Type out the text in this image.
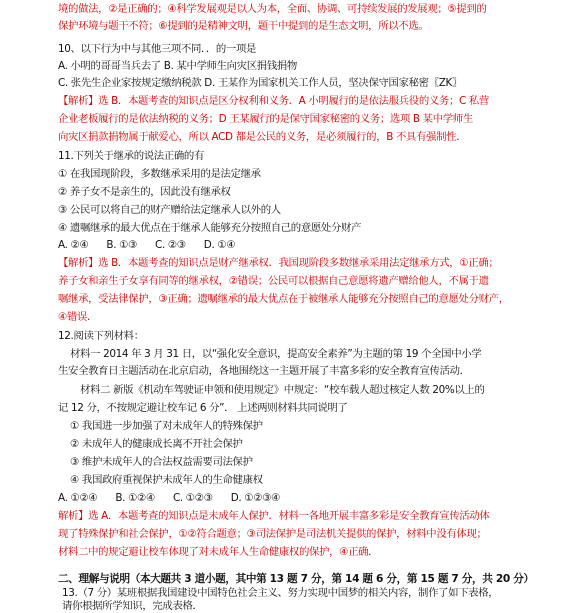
境的做法，②是正确的；④科学发展观是以人为本，全面、协调、可持续发展的发展观；⑤提到的
保护环境与题干不符；⑥提到的是精神文明，题干中提到的是生态文明，所以不选。
10、以下行为中与其他三项不同．．的一项是
A. 小明的哥哥当兵去了 B. 某中学师生向灾区捐钱捐物
C. 张先生企业家按规定缴纳税款 D. 王某作为国家机关工作人员，坚决保守国家秘密〖ZK〗
【解析】选 B．本题考查的知识点是区分权利和义务．A 小明履行的是依法服兵役的义务；C 私营
企业老板履行的是依法纳税的义务；D 王某履行的是保守国家秘密的义务；选项 B 某中学师生
向灾区捐款捐物属于献爱心，所以 ACD 都是公民的义务，是必须履行的，B 不具有强制性．
11.下列关于继承的说法正确的有
① 在我国现阶段，多数继承采用的是法定继承
② 养子女不是亲生的，因此没有继承权
③ 公民可以将自己的财产赠给法定继承人以外的人
④ 遗嘱继承的最大优点在于继承人能够充分按照自己的意愿处分财产
A. ②④ B. ①③ C. ②③ D. ①④
【解析】选 B．本题考查的知识点是财产继承权．我国现阶段多数继承采用法定继承方式，①正确；
养子女和亲生子女享有同等的继承权，②错误；公民可以根据自己意愿将遗产赠给他人，不属于遗
嘱继承，受法律保护，③正确；遗嘱继承的最大优点在于被继承人能够充分按照自己的意愿处分财产，
④错误．
12.阅读下列材料：
材料一 2014 年 3 月 31 日，以“强化安全意识，提高安全素养”为主题的第 19 个全国中小学
生安全教育日主题活动在北京启动，各地围绕这一主题开展了丰富多彩的安全教育宣传活动．
材料二 新版《机动车驾驶证申领和使用规定》中规定：“校车载人超过核定人数 20%以上的
记 12 分，不按规定避让校车记 6 分”． 上述两则材料共同说明了
① 我国进一步加强了对未成年人的特殊保护
② 未成年人的健康成长离不开社会保护
③ 维护未成年人的合法权益需要司法保护
④ 我国政府重视保护未成年人的生命健康权
A. ①②④ B. ①②④ C. ①②③ D. ①②③④
解析】选 A．本题考查的知识点是未成年人保护．材料一各地开展丰富多彩是安全教育宣传活动体
现了特殊保护和社会保护，①②符合题意；③司法保护是司法机关提供的保护，材料中没有体现；
材料二中的规定避让校车体现了对未成年人生命健康权的保护，④正确．
二、理解与说明（本大题共 3 道小题，其中第 13 题 7 分，第 14 题 6 分，第 15 题 7 分，共 20 分）
13.（7 分）某班根据我国建设中国特色社会主义、努力实现中国梦的相关内容，制作了如下表格，
请你根据所学知识，完成表格．
